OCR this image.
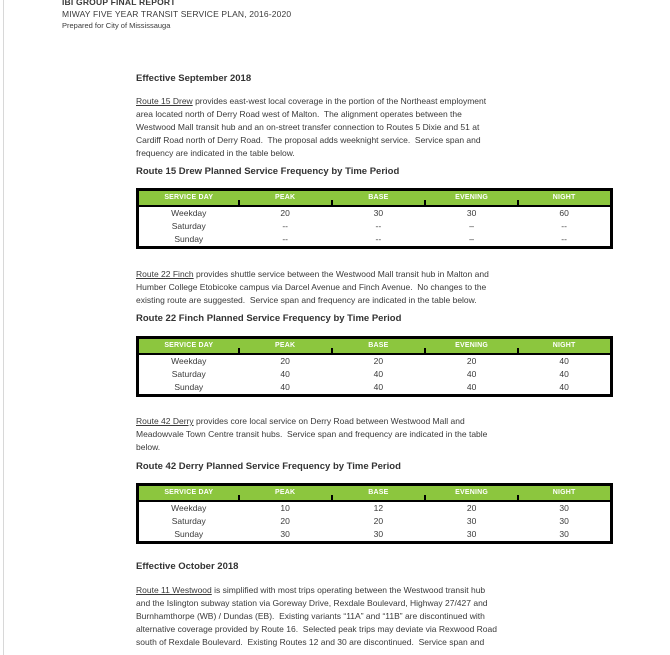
IBI GROUP FINAL REPORT
MIWAY FIVE YEAR TRANSIT SERVICE PLAN, 2016-2020
Prepared for City of Mississauga
Effective September 2018
Route 15 Drew provides east-west local coverage in the portion of the Northeast employment
area located north of Derry Road west of Malton.  The alignment operates between the
Westwood Mall transit hub and an on-street transfer connection to Routes 5 Dixie and 51 at
Cardiff Road north of Derry Road.  The proposal adds weeknight service.  Service span and
frequency are indicated in the table below.
Route 15 Drew Planned Service Frequency by Time Period
SERVICE DAY	PEAK	BASE	EVENING	NIGHT
Weekday	20	30	30	60
Saturday	--	--	–	--
Sunday	--	--	–	--
Route 22 Finch provides shuttle service between the Westwood Mall transit hub in Malton and
Humber College Etobicoke campus via Darcel Avenue and Finch Avenue.  No changes to the
existing route are suggested.  Service span and frequency are indicated in the table below.
Route 22 Finch Planned Service Frequency by Time Period
SERVICE DAY	PEAK	BASE	EVENING	NIGHT
Weekday	20	20	20	40
Saturday	40	40	40	40
Sunday	40	40	40	40
Route 42 Derry provides core local service on Derry Road between Westwood Mall and
Meadowvale Town Centre transit hubs.  Service span and frequency are indicated in the table
below.
Route 42 Derry Planned Service Frequency by Time Period
SERVICE DAY	PEAK	BASE	EVENING	NIGHT
Weekday	10	12	20	30
Saturday	20	20	30	30
Sunday	30	30	30	30
Effective October 2018
Route 11 Westwood is simplified with most trips operating between the Westwood transit hub
and the Islington subway station via Goreway Drive, Rexdale Boulevard, Highway 27/427 and
Burnhamthorpe (WB) / Dundas (EB).  Existing variants “11A” and “11B” are discontinued with
alternative coverage provided by Route 16.  Selected peak trips may deviate via Rexwood Road
south of Rexdale Boulevard.  Existing Routes 12 and 30 are discontinued.  Service span and
